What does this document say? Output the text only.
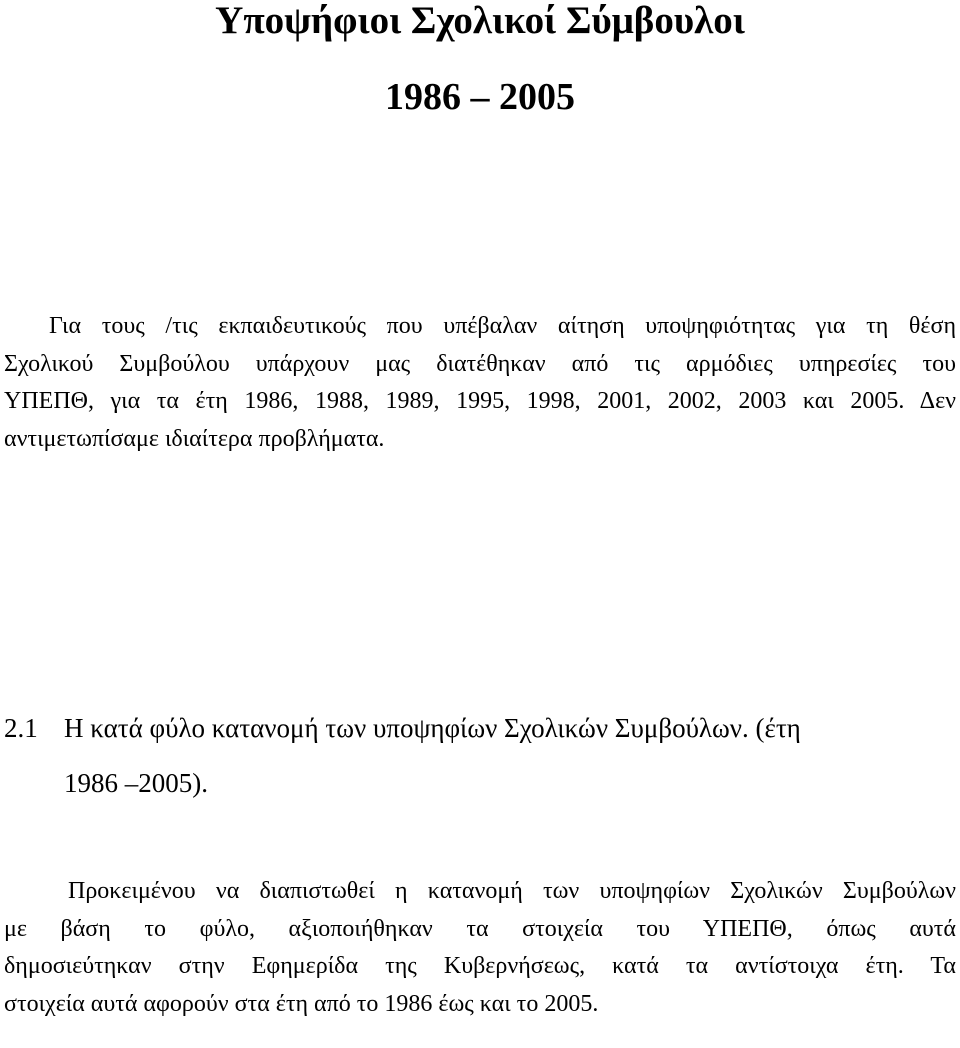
Υποψήφιοι Σχολικοί Σύμβουλοι
1986 – 2005
Για τους /τις εκπαιδευτικούς που υπέβαλαν αίτηση υποψηφιότητας για τη θέση
Σχολικού Συμβούλου υπάρχουν μας διατέθηκαν από τις αρμόδιες υπηρεσίες του
ΥΠΕΠΘ, για τα έτη 1986, 1988, 1989, 1995, 1998, 2001, 2002, 2003 και 2005. Δεν
αντιμετωπίσαμε ιδιαίτερα προβλήματα.
2.1 Η κατά φύλο κατανομή των υποψηφίων Σχολικών Συμβούλων. (έτη
1986 –2005).
Προκειμένου να διαπιστωθεί η κατανομή των υποψηφίων Σχολικών Συμβούλων
με βάση το φύλο, αξιοποιήθηκαν τα στοιχεία του ΥΠΕΠΘ, όπως αυτά
δημοσιεύτηκαν στην Εφημερίδα της Κυβερνήσεως, κατά τα αντίστοιχα έτη. Τα
στοιχεία αυτά αφορούν στα έτη από το 1986 έως και το 2005.
